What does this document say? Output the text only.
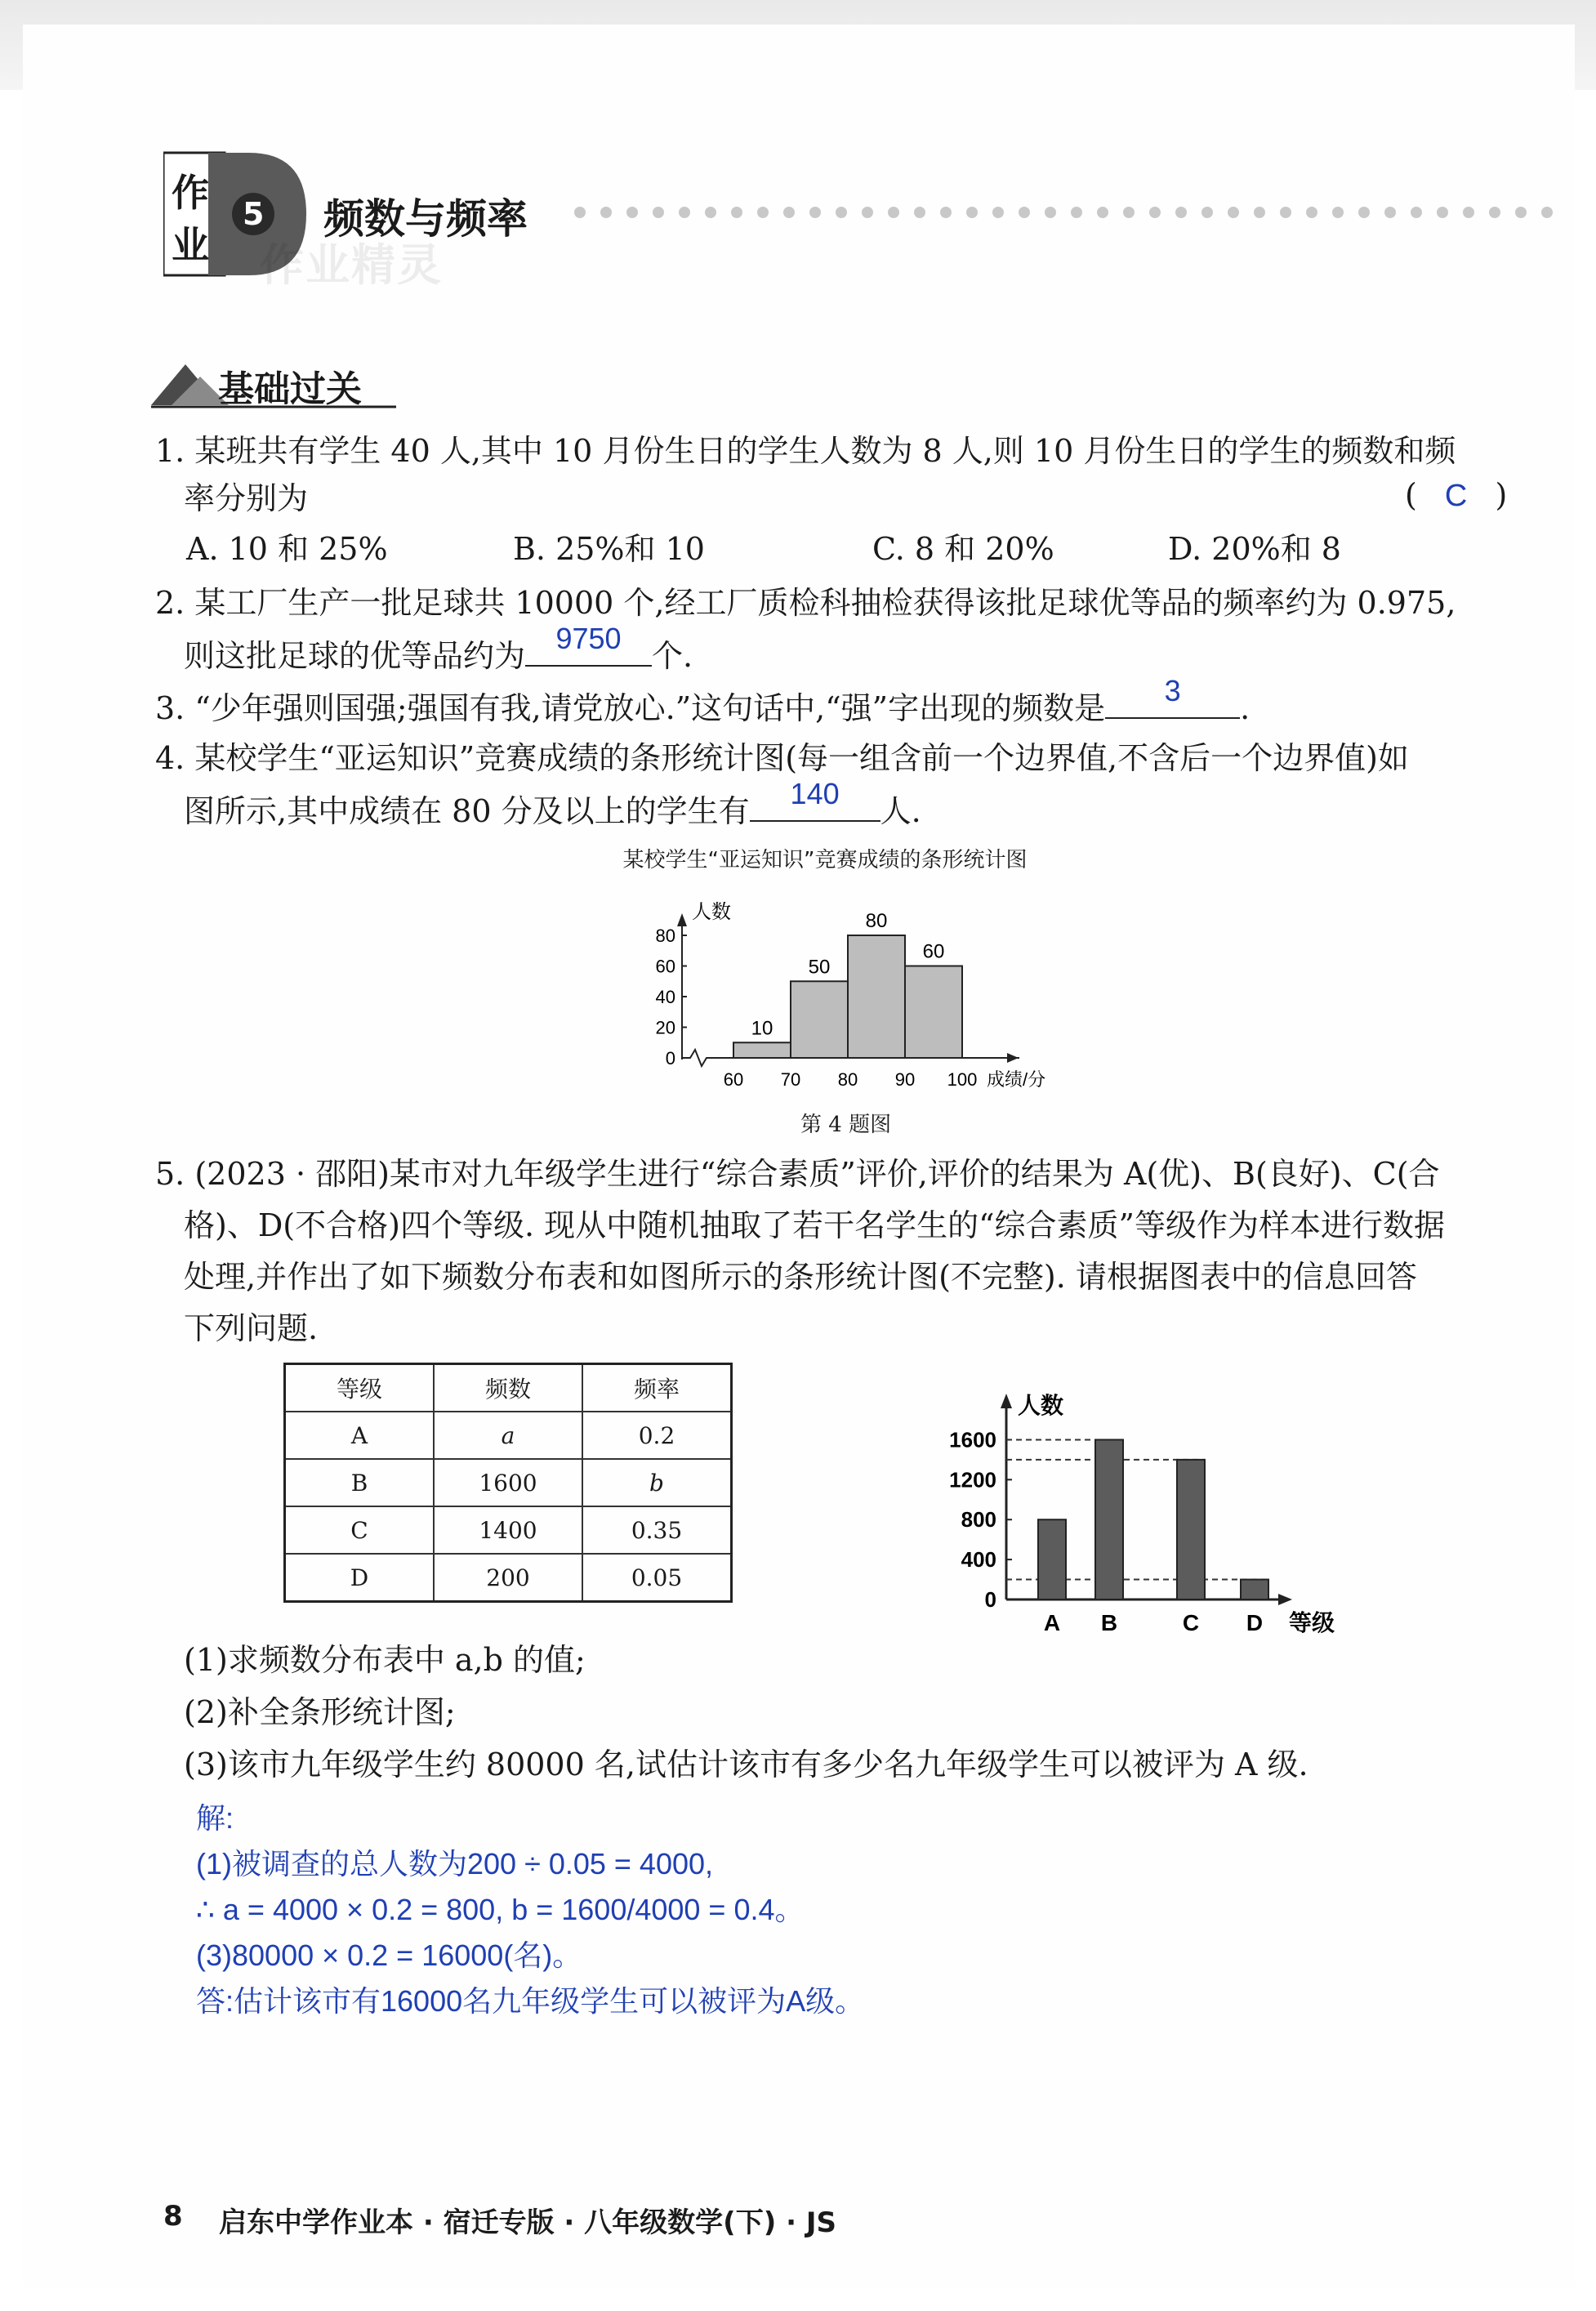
作
业
5 频数与频率
作业精灵
基础过关
1. 某班共有学生 40 人,其中 10 月份生日的学生人数为 8 人,则 10 月份生日的学生的频数和频
率分别为	( C )
A. 10 和 25%	B. 25%和 10	C. 8 和 20%	D. 20%和 8
2. 某工厂生产一批足球共 10000 个,经工厂质检科抽检获得该批足球优等品的频率约为 0.975,
则这批足球的优等品约为	9750 个.
3. “少年强则国强;强国有我,请党放心.”这句话中,“强”字出现的频数是	3	.
4. 某校学生“亚运知识”竞赛成绩的条形统计图(每一组含前一个边界值,不含后一个边界值)如
图所示,其中成绩在 80 分及以上的学生有	140	人.
某校学生“亚运知识”竞赛成绩的条形统计图
人数
0
20
40
60
80
60 70 80 90 100 成绩/分
10
50
80
60
第 4 题图
5. (2023 · 邵阳)某市对九年级学生进行“综合素质”评价,评价的结果为 A(优)、B(良好)、C(合
格)、D(不合格)四个等级. 现从中随机抽取了若干名学生的“综合素质”等级作为样本进行数据
处理,并作出了如下频数分布表和如图所示的条形统计图(不完整). 请根据图表中的信息回答
下列问题.
等级	频数	频率
A	a	0.2
B	1600	b
C	1400	0.35
D	200	0.05
人数
0
400
800
1200
1600
A B	C D 等级
(1)求频数分布表中 a,b 的值;
(2)补全条形统计图;
(3)该市九年级学生约 80000 名,试估计该市有多少名九年级学生可以被评为 A 级.
解:
(1)被调查的总人数为200 ÷ 0.05 = 4000,
∴ a = 4000 × 0.2 = 800, b = 1600/4000 = 0.4。
(3)80000 × 0.2 = 16000(名)。
答:估计该市有16000名九年级学生可以被评为A级。
8 启东中学作业本 · 宿迁专版 · 八年级数学(下) · JS
